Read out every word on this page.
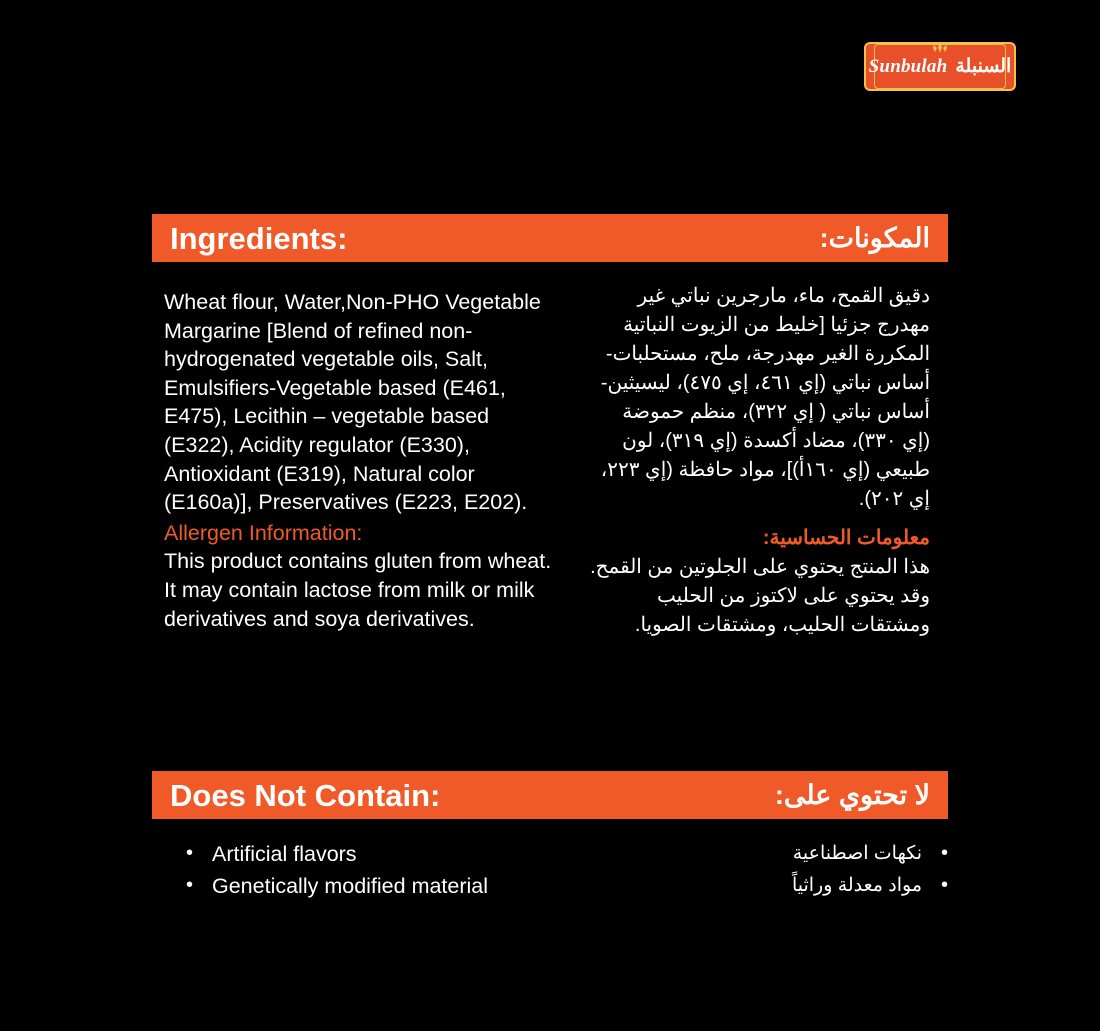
Sunbulah السنبلة
Ingredients:	المكونات:
Wheat flour, Water,Non-PHO Vegetable Margarine [Blend of refined non-hydrogenated vegetable oils, Salt, Emulsifiers-Vegetable based (E461, E475), Lecithin – vegetable based (E322), Acidity regulator (E330), Antioxidant (E319), Natural color (E160a)], Preservatives (E223, E202).
Allergen Information:
This product contains gluten from wheat. It may contain lactose from milk or milk derivatives and soya derivatives.
دقيق القمح، ماء، مارجرين نباتي غير مهدرج جزئيا [خليط من الزيوت النباتية المكررة الغير مهدرجة، ملح، مستحلبات- أساس نباتي (إي ٤٦١، إي ٤٧٥)، ليسيثين- أساس نباتي ( إي ٣٢٢)، منظم حموضة (إي ٣٣٠)، مضاد أكسدة (إي ٣١٩)، لون طبيعي (إي ١٦٠أ)]، مواد حافظة (إي ٢٢٣، إي ٢٠٢).
معلومات الحساسية:
هذا المنتج يحتوي على الجلوتين من القمح. وقد يحتوي على لاكتوز من الحليب ومشتقات الحليب، ومشتقات الصويا.
Does Not Contain:	لا تحتوي على:
• Artificial flavors
• Genetically modified material
• نكهات اصطناعية
• مواد معدلة وراثياً
